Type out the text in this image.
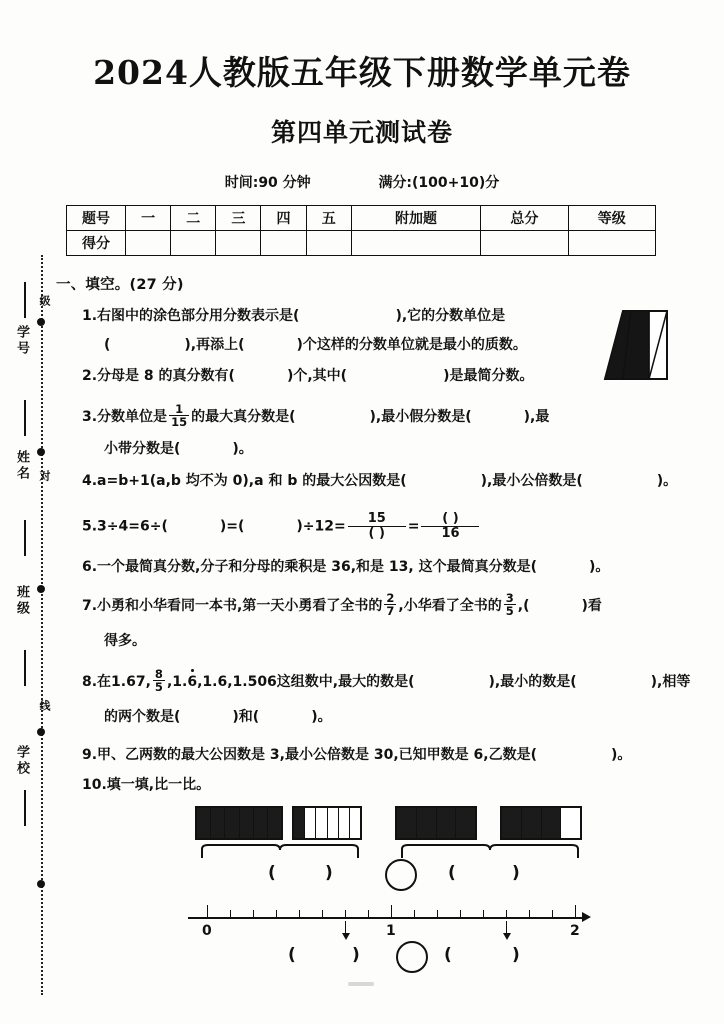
学号
姓名
班级
学校
级
对
线
2024人教版五年级下册数学单元卷
第四单元测试卷
时间:90 分钟	满分:(100+10)分
题号	一	二	三	四	五	附加题	总分	等级
得分								
一、填空。(27 分)
1.右图中的涂色部分用分数表示是(	),它的分数单位是
(	),再添上(	)个这样的分数单位就是最小的质数。
2.分母是 8 的真分数有(	)个,其中(	)是最简分数。
3.分数单位是 $\frac{1}{15}$ 的最大真分数是(	),最小假分数是(	),最
小带分数是(	)。
4.a=b+1(a,b 均不为 0),a 和 b 的最大公因数是(	),最小公倍数是(	)。
5.3÷4=6÷(	)=(	)$\div 12= \frac{15}{( )} = \frac{( )}{16}$
6.一个最简真分数,分子和分母的乘积是 36,和是 13, 这个最简真分数是(	)。
7.小勇和小华看同一本书,第一天小勇看了全书的 $\frac{2}{7}$ ,小华看了全书的 $\frac{3}{5}$ ,(	)看
得多。
8.在1.67, $\frac{8}{5} ,1.6,1.6,1.506$这组数中,最大的数是(	),最小的数是(	),相等
的两个数是(	)和(	)。
9.甲、乙两数的最大公因数是 3,最小公倍数是 30,已知甲数是 6,乙数是(	)。
10.填一填,比一比。
(	)	(	)
0	1	2
(	)	(	)
